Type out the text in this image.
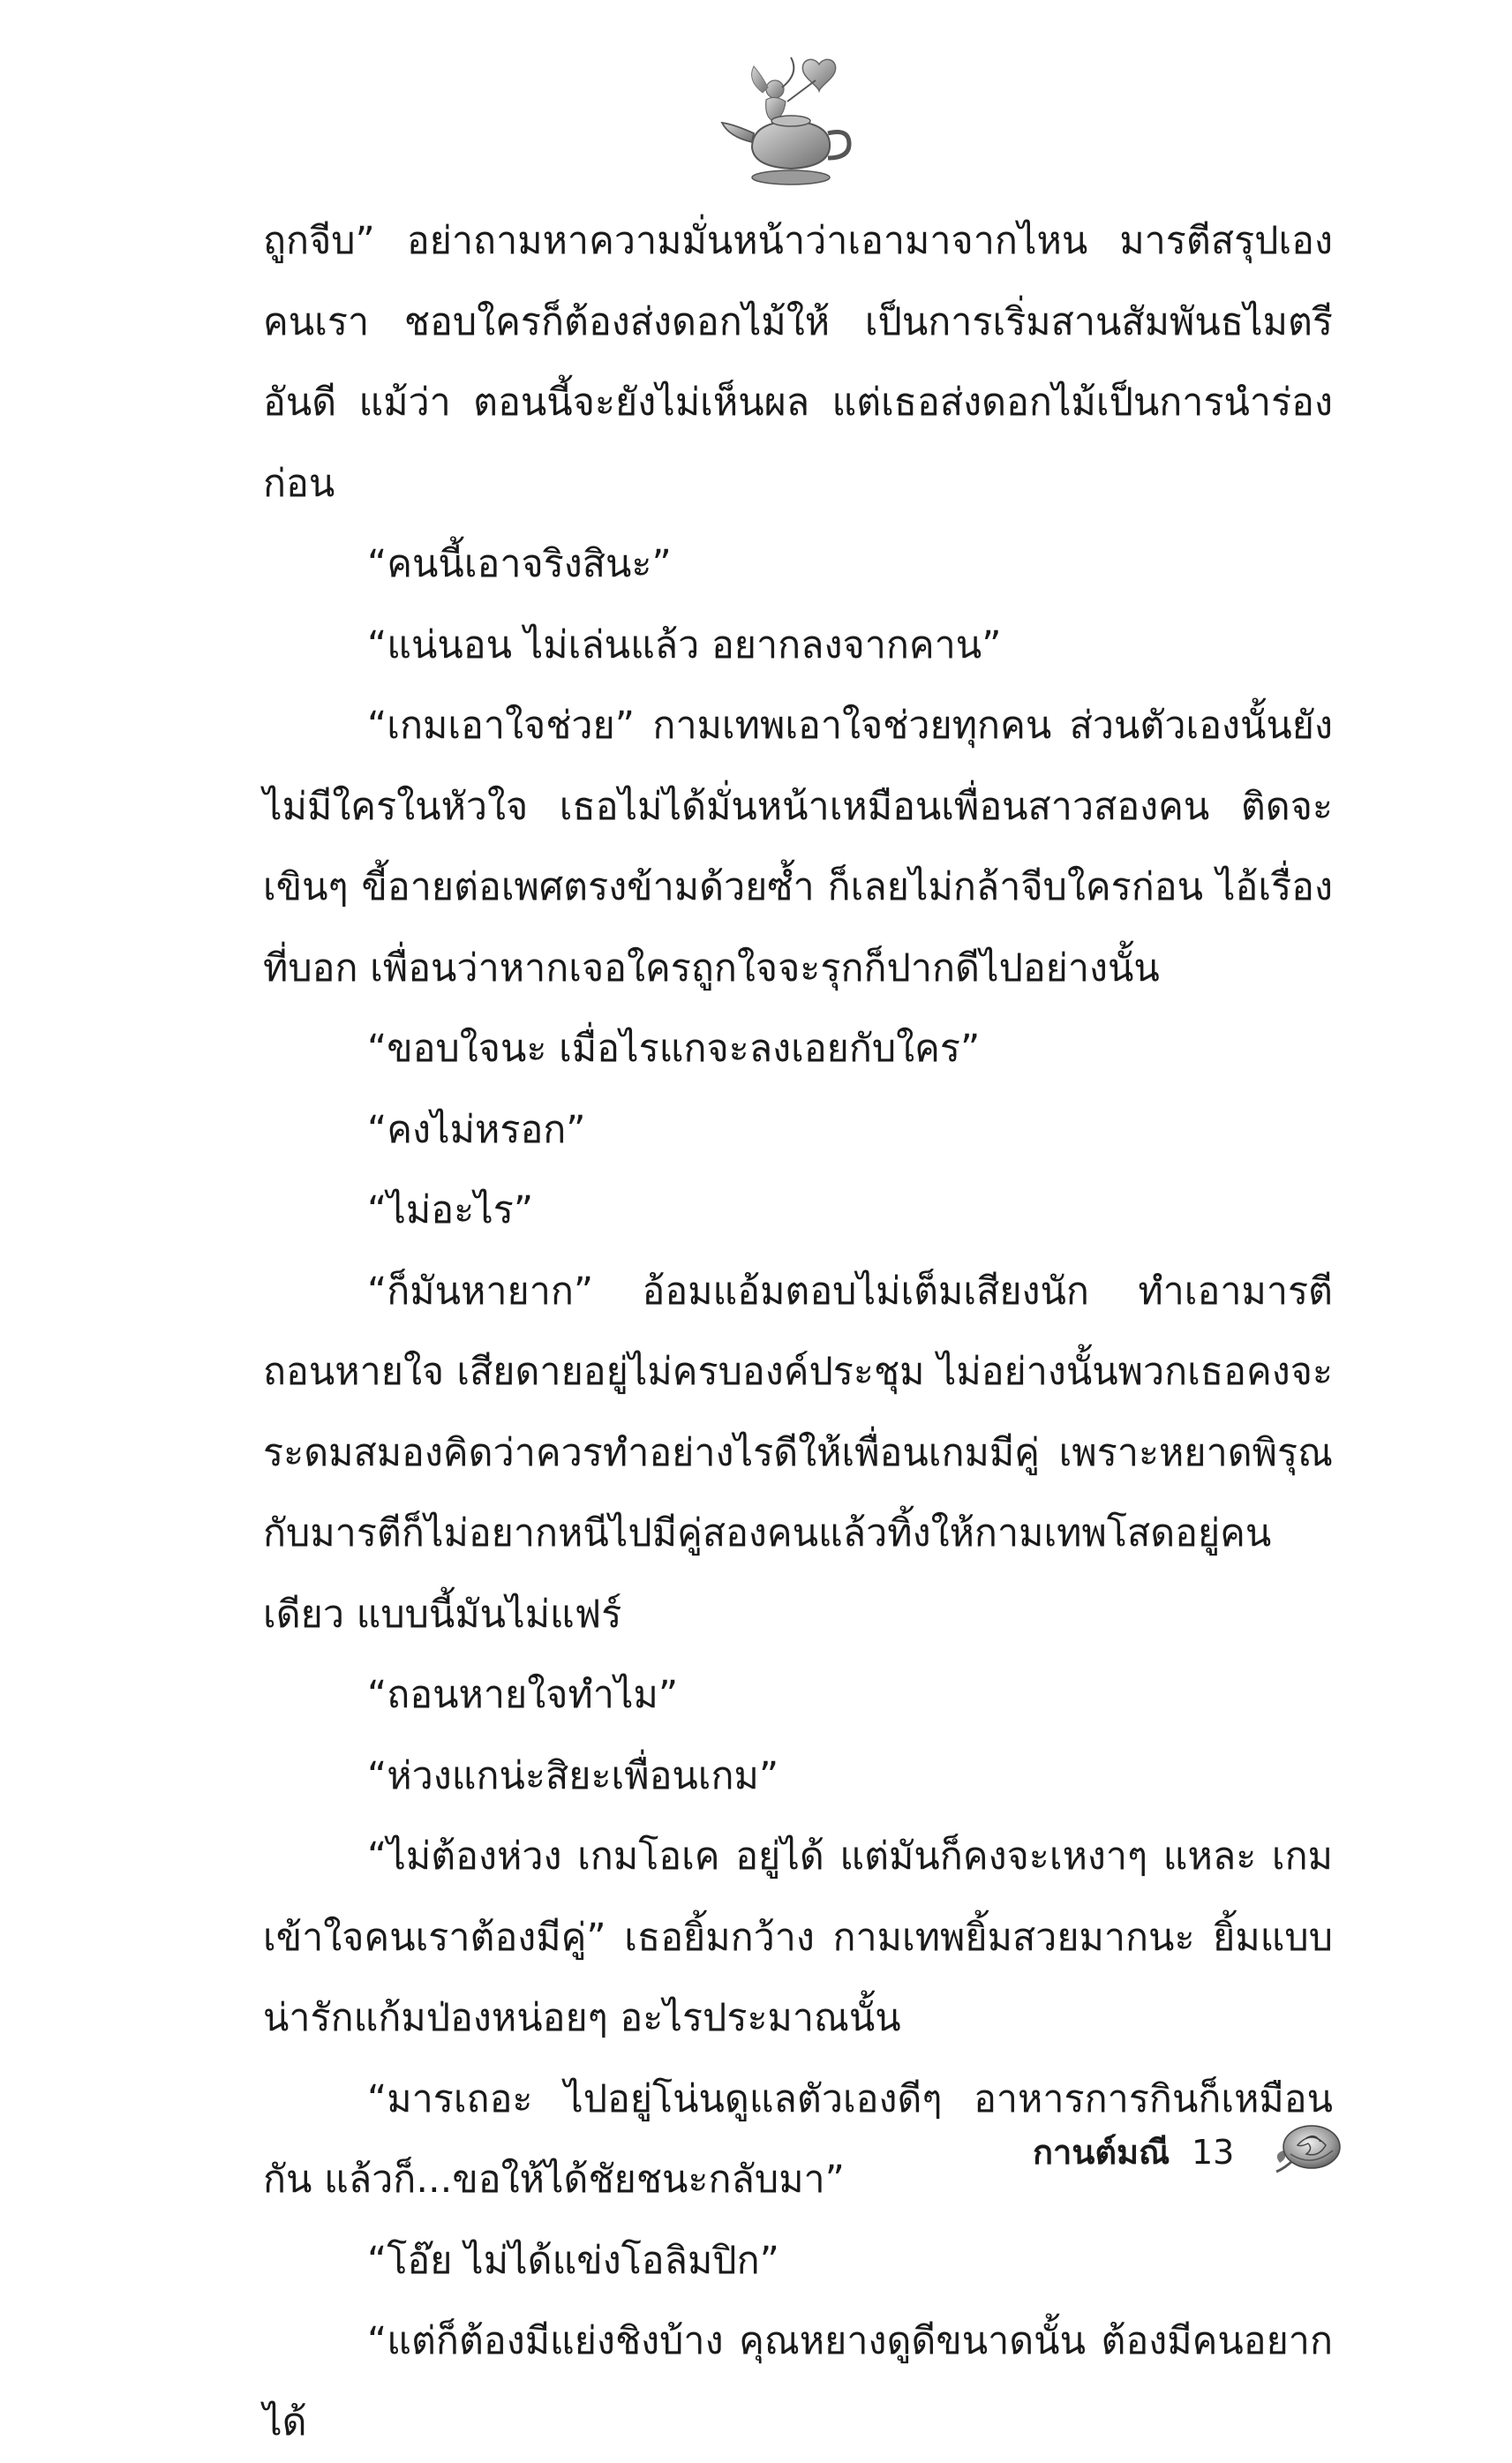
ถูกจีบ” อย่าถามหาความมั่นหน้าว่าเอามาจากไหน มารตีสรุปเอง คนเรา ชอบใครก็ต้องส่งดอกไม้ให้ เป็นการเริ่มสานสัมพันธไมตรีอันดี แม้ว่า ตอนนี้จะยังไม่เห็นผล แต่เธอส่งดอกไม้เป็นการนำร่องก่อน

“คนนี้เอาจริงสินะ”

“แน่นอน ไม่เล่นแล้ว อยากลงจากคาน”

“เกมเอาใจช่วย” กามเทพเอาใจช่วยทุกคน ส่วนตัวเองนั้นยัง ไม่มีใครในหัวใจ เธอไม่ได้มั่นหน้าเหมือนเพื่อนสาวสองคน ติดจะเขินๆ ขี้อายต่อเพศตรงข้ามด้วยซ้ำ ก็เลยไม่กล้าจีบใครก่อน ไอ้เรื่องที่บอก เพื่อนว่าหากเจอใครถูกใจจะรุกก็ปากดีไปอย่างนั้น

“ขอบใจนะ เมื่อไรแกจะลงเอยกับใคร”

“คงไม่หรอก”

“ไม่อะไร”

“ก็มันหายาก” อ้อมแอ้มตอบไม่เต็มเสียงนัก ทำเอามารตี ถอนหายใจ เสียดายอยู่ไม่ครบองค์ประชุม ไม่อย่างนั้นพวกเธอคงจะ ระดมสมองคิดว่าควรทำอย่างไรดีให้เพื่อนเกมมีคู่ เพราะหยาดพิรุณ กับมารตีก็ไม่อยากหนีไปมีคู่สองคนแล้วทิ้งให้กามเทพโสดอยู่คนเดียว แบบนี้มันไม่แฟร์

“ถอนหายใจทำไม”

“ห่วงแกน่ะสิยะเพื่อนเกม”

“ไม่ต้องห่วง เกมโอเค อยู่ได้ แต่มันก็คงจะเหงาๆ แหละ เกม เข้าใจคนเราต้องมีคู่” เธอยิ้มกว้าง กามเทพยิ้มสวยมากนะ ยิ้มแบบ น่ารักแก้มป่องหน่อยๆ อะไรประมาณนั้น

“มารเถอะ ไปอยู่โน่นดูแลตัวเองดีๆ อาหารการกินก็เหมือนกัน แล้วก็...ขอให้ได้ชัยชนะกลับมา”

“โอ๊ย ไม่ได้แข่งโอลิมปิก”

“แต่ก็ต้องมีแย่งชิงบ้าง คุณหยางดูดีขนาดนั้น ต้องมีคนอยากได้

กานต์มณี 13
